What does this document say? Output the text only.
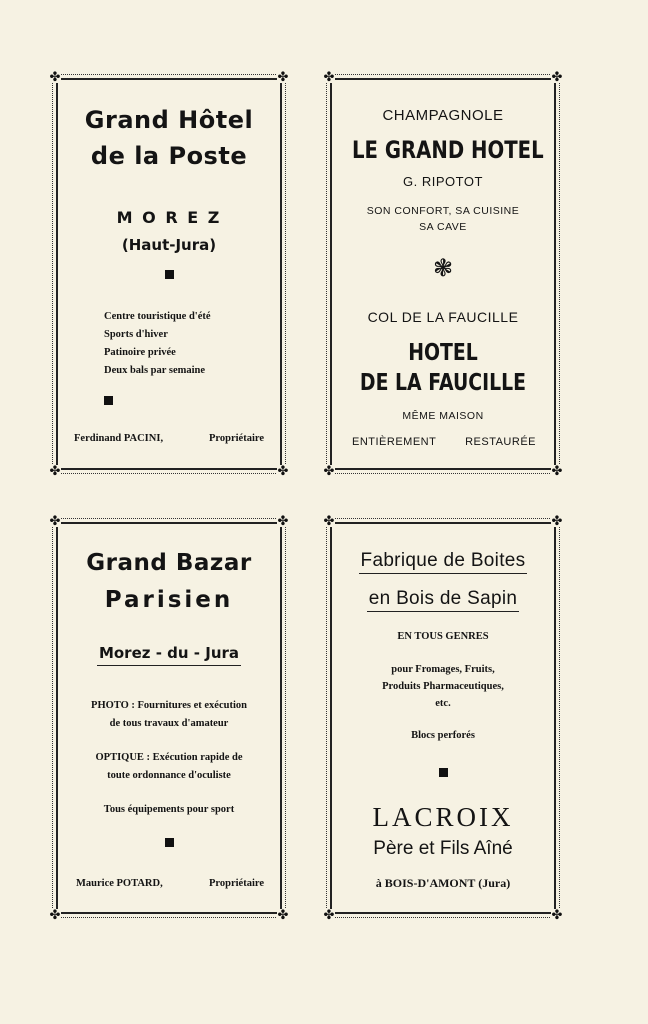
✤	✤
✤	✤
Grand Hôtel
de la Poste
M O R E Z
(Haut-Jura)
Centre touristique d'été
Sports d'hiver
Patinoire privée
Deux bals par semaine
Ferdinand PACINI,	Propriétaire
✤	✤
✤	✤
CHAMPAGNOLE
LE GRAND HOTEL
G. RIPOTOT
SON CONFORT, SA CUISINE
SA CAVE
❃
COL DE LA FAUCILLE
HOTEL
DE LA FAUCILLE
MÊME MAISON
ENTIÈREMENT	RESTAURÉE
✤	✤
✤	✤
Grand Bazar
Parisien
Morez - du - Jura
PHOTO : Fournitures et exécution
de tous travaux d'amateur
OPTIQUE : Exécution rapide de
toute ordonnance d'oculiste
Tous équipements pour sport
Maurice POTARD,	Propriétaire
✤	✤
✤	✤
Fabrique de Boites
en Bois de Sapin
EN TOUS GENRES
pour Fromages, Fruits,
Produits Pharmaceutiques,
etc.
Blocs perforés
LACROIX
Père et Fils Aîné
à BOIS-D'AMONT (Jura)
